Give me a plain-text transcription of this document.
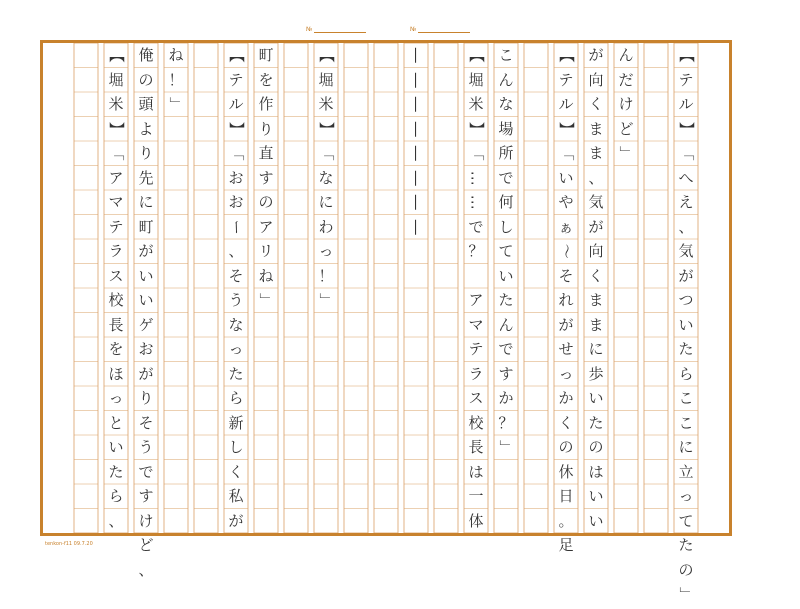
№	№
【
テ
ル
】
「
へ
え
、
気
が
つ
い
た
ら
こ
こ
に
立
っ
て
た
の
」
ん
だ
け
ど
」
が
向
く
ま
ま
、
気
が
向
く
ま
ま
に
歩
い
た
の
は
い
い
【
テ
ル
】
「
い
や
ぁ
〜
そ
れ
が
せ
っ
か
く
の
休
日
。
足
こ
ん
な
場
所
で
何
し
て
い
た
ん
で
す
か
？
」
【
堀
米
】
「
…
…
で
？

ア
マ
テ
ラ
ス
校
長
は
一
体
―
―
―
―
―
―
―
―
【
堀
米
】
「
な
に
わ
っ
！
」
町
を
作
り
直
す
の
ア
リ
ね
」
【
テ
ル
】
「
お
お
ー
、
そ
う
な
っ
た
ら
新
し
く
私
が
ね
！
」
俺
の
頭
よ
り
先
に
町
が
い
い
ゲ
お
が
り
そ
う
で
す
け
ど
、
【
堀
米
】
「
ア
マ
テ
ラ
ス
校
長
を
ほ
っ
と
い
た
ら
、
tenkon-f11 09.7.20
